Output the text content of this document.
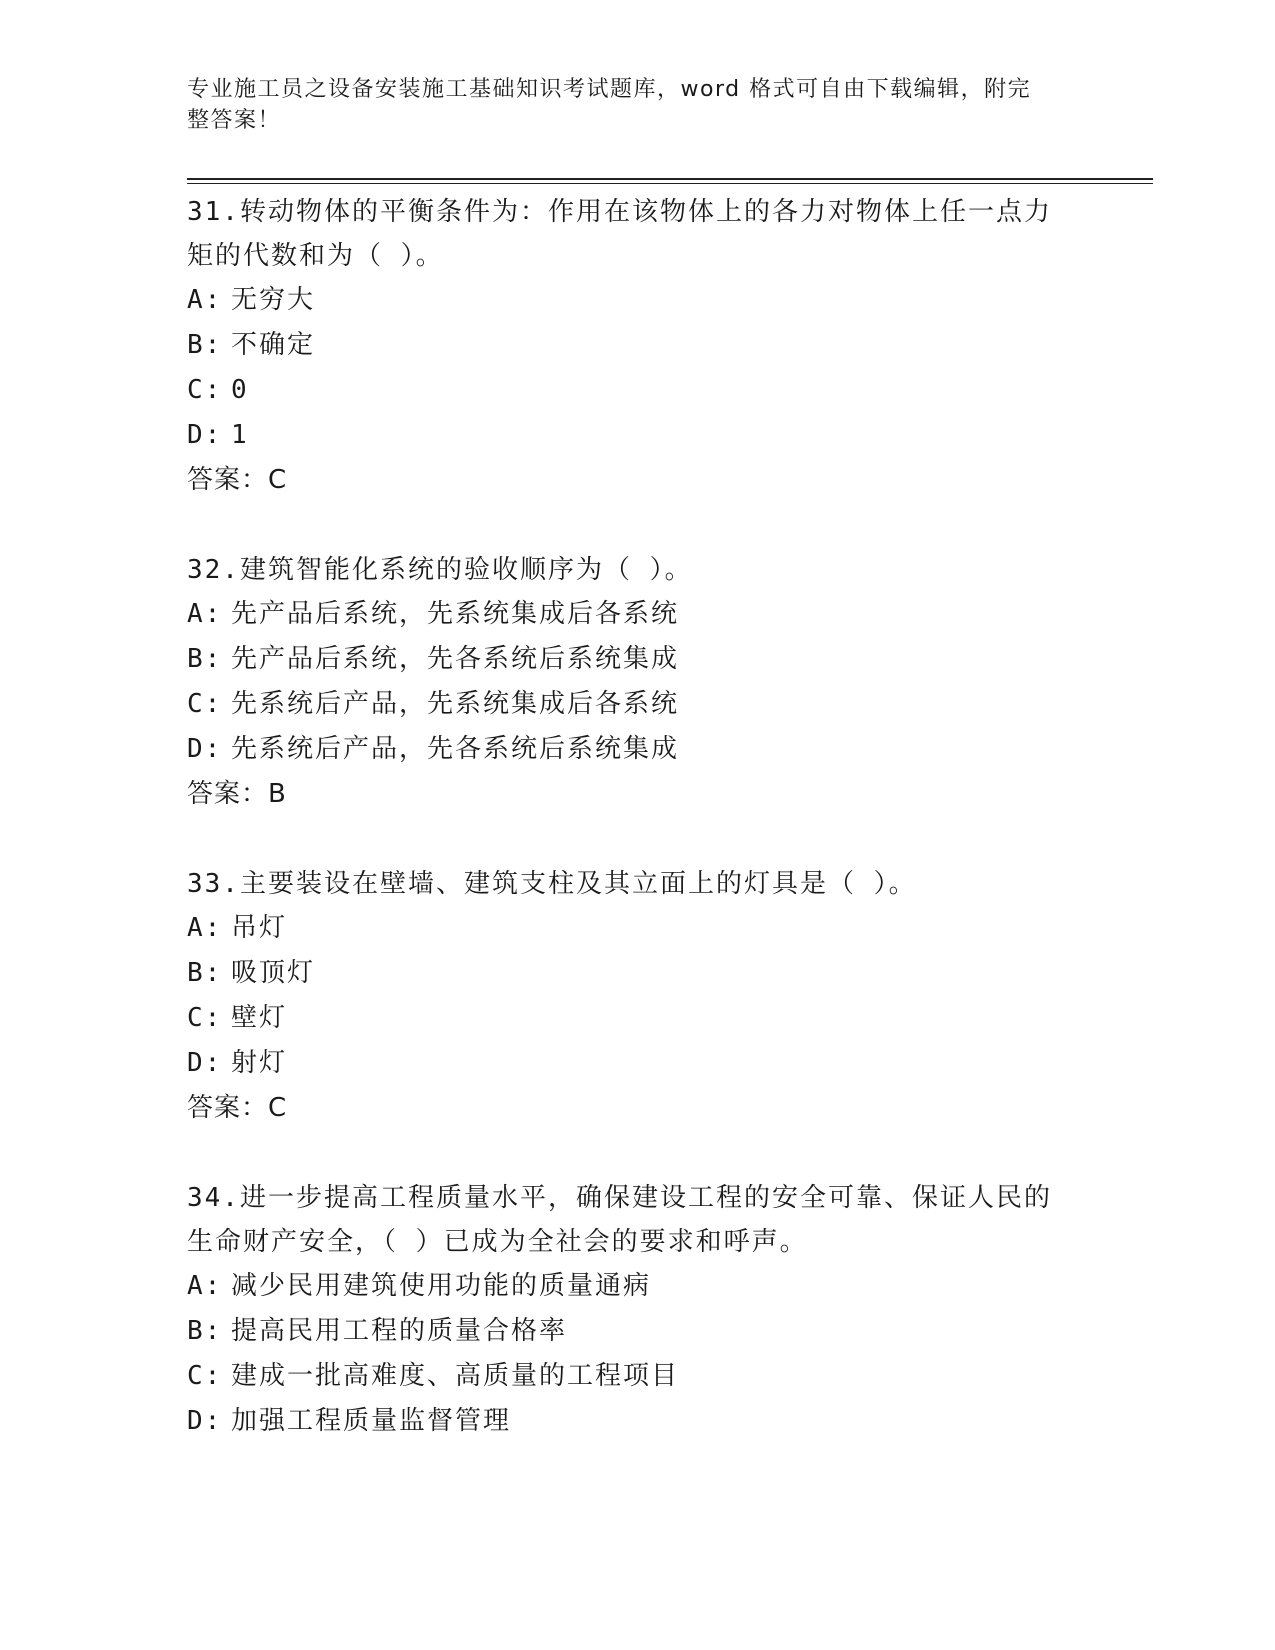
专业施工员之设备安装施工基础知识考试题库，word 格式可自由下载编辑，附完
整答案！
31.转动物体的平衡条件为：作用在该物体上的各力对物体上任一点力
矩的代数和为（ ）。
A: 无穷大
B: 不确定
C: 0
D: 1
答案：C
32.建筑智能化系统的验收顺序为（ ）。
A: 先产品后系统，先系统集成后各系统
B: 先产品后系统，先各系统后系统集成
C: 先系统后产品，先系统集成后各系统
D: 先系统后产品，先各系统后系统集成
答案：B
33.主要装设在壁墙、建筑支柱及其立面上的灯具是（ ）。
A: 吊灯
B: 吸顶灯
C: 壁灯
D: 射灯
答案：C
34.进一步提高工程质量水平，确保建设工程的安全可靠、保证人民的
生命财产安全，（ ）已成为全社会的要求和呼声。
A: 减少民用建筑使用功能的质量通病
B: 提高民用工程的质量合格率
C: 建成一批高难度、高质量的工程项目
D: 加强工程质量监督管理
